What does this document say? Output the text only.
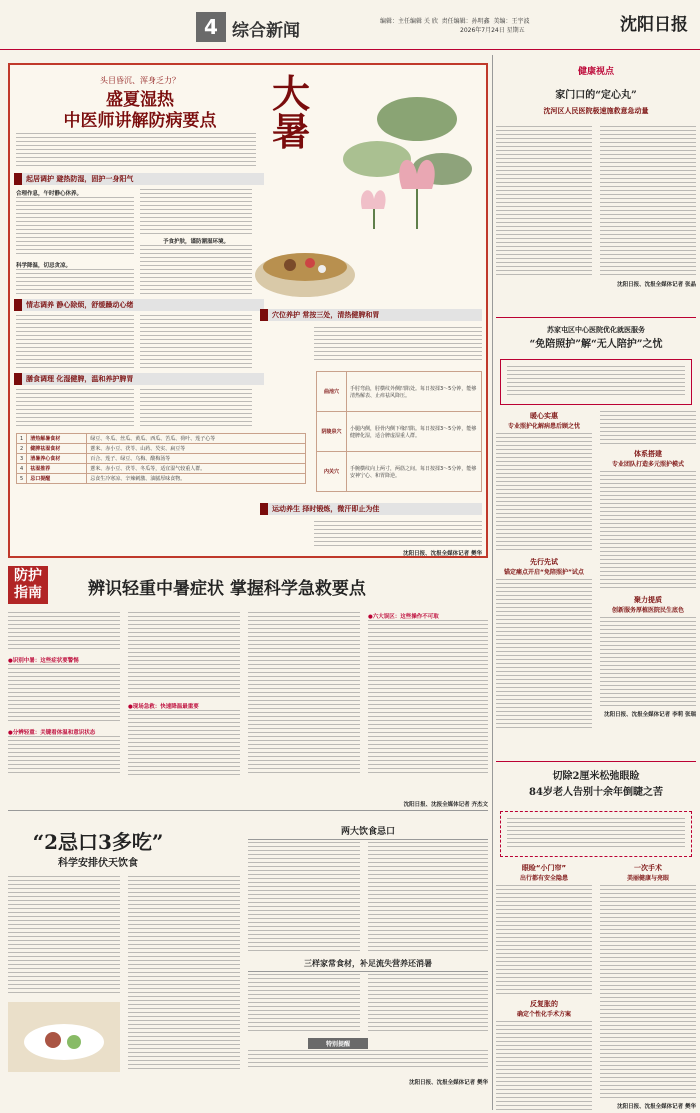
4 综合新闻	编辑：主任编辑 关 欣 责任编辑：孙明鑫 美编：王宇波
2026年7月24日 星期五	沈阳日报
头目昏沉、浑身乏力？
盛夏湿热
中医师讲解防病要点
大暑
起居调护 避热防湿，固护一身阳气
合理作息，午时静心休养。
科学降温，切忌贪凉。
予食护肤，谨防潮湿环境。
情志调养 静心除烦，舒缓躁动心绪
膳食调理 化湿健脾，温和养护脾胃
穴位养护 常按三处，清热健脾和胃
曲池穴	手肘弯曲，肘横纹外侧凹陷处。每日按揉3～5分钟，能够清热解表、止痒祛风降压。
阴陵泉穴	小腿内侧，胫骨内侧下缘凹陷。每日按揉3～5分钟，能够健脾化湿，适合脾虚湿重人群。
内关穴	手腕横纹向上两寸，两筋之间。每日按揉3～5分钟，能够安神宁心、和胃降逆。
运动养生 择时锻炼，微汗即止为佳
沈阳日报、沈报全媒体记者 樊华
1	清热解暑食材	绿豆、冬瓜、丝瓜、黄瓜、西瓜、苦瓜、荷叶、莲子心等
2	健脾祛湿食材	薏米、赤小豆、茯苓、山药、芡实、扁豆等
3	清暑养心食材	百合、莲子、绿豆、乌梅、酸梅汤等
4	祛湿推荐	薏米、赤小豆、茯苓、冬瓜等，适宜湿气较重人群。
5	忌口提醒	忌食生冷寒凉、辛辣刺激、油腻厚味食物。
健康视点
家门口的“定心丸”
沈河区人民医院极速施救意急动量
沈阳日报、沈报全媒体记者 张晶
苏家屯区中心医院优化就医服务
“免陪照护”解“无人陪护”之忧
暖心实惠
专业照护化解病患后顾之忧
先行先试
锚定痛点开启“免陪照护”试点
体系搭建
专业团队打造多元照护模式
聚力提质
创新服务厚植医院民生底色
沈阳日报、沈报全媒体记者 李莉 张瑞
切除2厘米松弛眼睑
84岁老人告别十余年倒睫之苦
眼睑“小门帘”
出行都有安全隐患
反复胀的
确定个性化手术方案
一次手术
美丽健康与亮眼
沈阳日报、沈报全媒体记者 樊华
防护
指南	辨识轻重中暑症状 掌握科学急救要点
●识别中暑：这些症状要警惕
●分辨轻重：关键看体温和意识状态
●现场急救：快速降温最重要
●六大误区：这些操作不可取
沈阳日报、沈报全媒体记者 齐杰文
“2忌口3多吃”
科学安排伏天饮食
两大饮食忌口
三样家常食材，补足流失营养还消暑
特别提醒
沈阳日报、沈报全媒体记者 樊华
